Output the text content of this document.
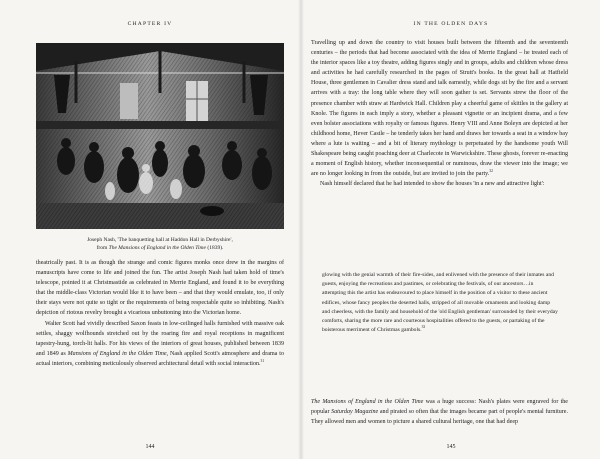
CHAPTER IV

Joseph Nash, 'The banquetting hall at Haddon Hall in Derbyshire',

from The Mansions of England in the Olden Time (1839).

theatrically past. It is as though the strange and comic figures monks once drew in the margins of manuscripts have come to life and joined the fun. The artist Joseph Nash had taken hold of time's telescope, pointed it at Christmastide as celebrated in Merrie England, and found it to be everything that the middle-class Victorian would like it to have been – and that they would emulate, too, if only their stays were not quite so tight or the requirements of being respectable quite so inhibiting. Nash's depiction of riotous revelry brought a vicarious unbuttoning into the Victorian home.

Walter Scott had vividly described Saxon feasts in low-ceilinged halls furnished with massive oak settles, shaggy wolfhounds stretched out by the roaring fire and royal receptions in magnificent tapestry-hung, torch-lit halls. For his views of the interiors of great houses, published between 1839 and 1849 as Mansions of England in the Olden Time, Nash applied Scott's atmosphere and drama to actual interiors, combining meticulously observed architectural detail with social interaction.$^{31}$

144
IN THE OLDEN DAYS

Travelling up and down the country to visit houses built between the fifteenth and the seventeenth centuries – the periods that had become associated with the idea of Merrie England – he treated each of the interior spaces like a toy theatre, adding figures singly and in groups, adults and children whose dress and activities he had carefully researched in the pages of Strutt's books. In the great hall at Hatfield House, three gentlemen in Cavalier dress stand and talk earnestly, while dogs sit by the fire and a servant arrives with a tray: the long table where they will soon gather is set. Servants strew the floor of the presence chamber with straw at Hardwick Hall. Children play a cheerful game of skittles in the gallery at Knole. The figures in each imply a story, whether a pleasant vignette or an incipient drama, and a few even bolster associations with royalty or famous figures. Henry VIII and Anne Boleyn are depicted at her childhood home, Hever Castle – he tenderly takes her hand and draws her towards a seat in a window bay where a lute is waiting – and a bit of literary mythology is perpetuated by the handsome youth Will Shakespeare being caught poaching deer at Charlecote in Warwickshire. These ghosts, forever re-enacting a moment of English history, whether inconsequential or numinous, draw the viewer into the image; we are no longer looking in from the outside, but are invited to join the party.$^{32}$

Nash himself declared that he had intended to show the houses 'in a new and attractive light':

glowing with the genial warmth of their fire-sides, and enlivened with the presence of their inmates and guests, enjoying the recreations and pastimes, or celebrating the festivals, of our ancestors…in attempting this the artist has endeavoured to place himself in the position of a visitor to these ancient edifices, whose fancy peoples the deserted halls, stripped of all movable ornaments and looking damp and cheerless, with the family and household of the 'old English gentleman' surrounded by their everyday comforts, sharing the more rare and courteous hospitalities offered to the guests, or partaking of the boisterous merriment of Christmas gambols.$^{33}$

The Mansions of England in the Olden Time was a huge success: Nash's plates were engraved for the popular Saturday Magazine and pirated so often that the images became part of people's mental furniture. They allowed men and women to picture a shared cultural heritage, one that had deep

145
